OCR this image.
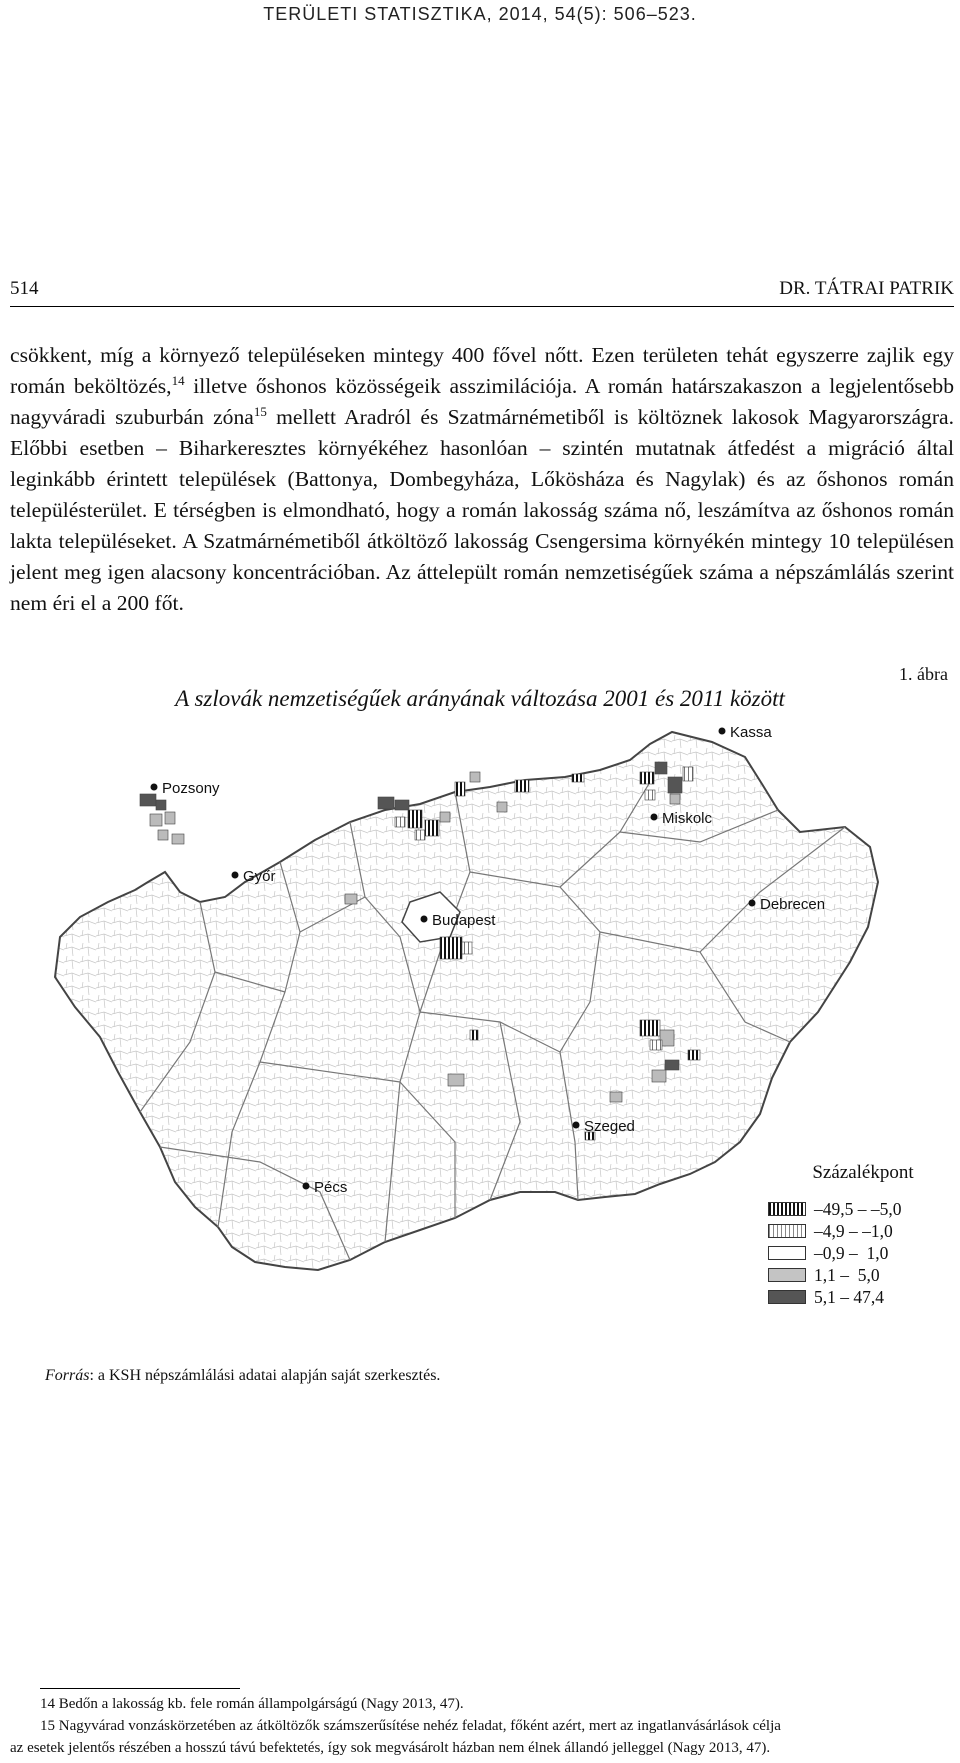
TERÜLETI STATISZTIKA, 2014, 54(5): 506–523.
514	DR. TÁTRAI PATRIK
csökkent, míg a környező településeken mintegy 400 fővel nőtt. Ezen területen tehát egyszerre zajlik egy román beköltözés,$^{14}$ illetve őshonos közösségeik asszimilációja. A román határszakaszon a legjelentősebb nagyváradi szuburbán zóna$^{15}$ mellett Aradról és Szatmárnémetiből is költöznek lakosok Magyarországra. Előbbi esetben – Biharkeresztes környékéhez hasonlóan – szintén mutatnak átfedést a migráció által leginkább érintett települések (Battonya, Dombegyháza, Lőkösháza és Nagylak) és az őshonos román településterület. E térségben is elmondható, hogy a román lakosság száma nő, leszámítva az őshonos román lakta településeket. A Szatmárnémetiből átköltöző lakosság Csengersima környékén mintegy 10 településen jelent meg igen alacsony koncentrációban. Az áttelepült román nemzetiségűek száma a népszámlálás szerint nem éri el a 200 főt.
1. ábra
A szlovák nemzetiségűek arányának változása 2001 és 2011 között
Kassa
Pozsony
Miskolc
Győr
Budapest
Debrecen
Szeged
Pécs
Százalékpont
–49,5 – –5,0
–4,9 – –1,0
–0,9 –  1,0
1,1 –  5,0
5,1 – 47,4
Forrás: a KSH népszámlálási adatai alapján saját szerkesztés.
14 Bedőn a lakosság kb. fele román állampolgárságú (Nagy 2013, 47).
15 Nagyvárad vonzáskörzetében az átköltözők számszerűsítése nehéz feladat, főként azért, mert az ingatlanvásárlások célja
az esetek jelentős részében a hosszú távú befektetés, így sok megvásárolt házban nem élnek állandó jelleggel (Nagy 2013, 47).
